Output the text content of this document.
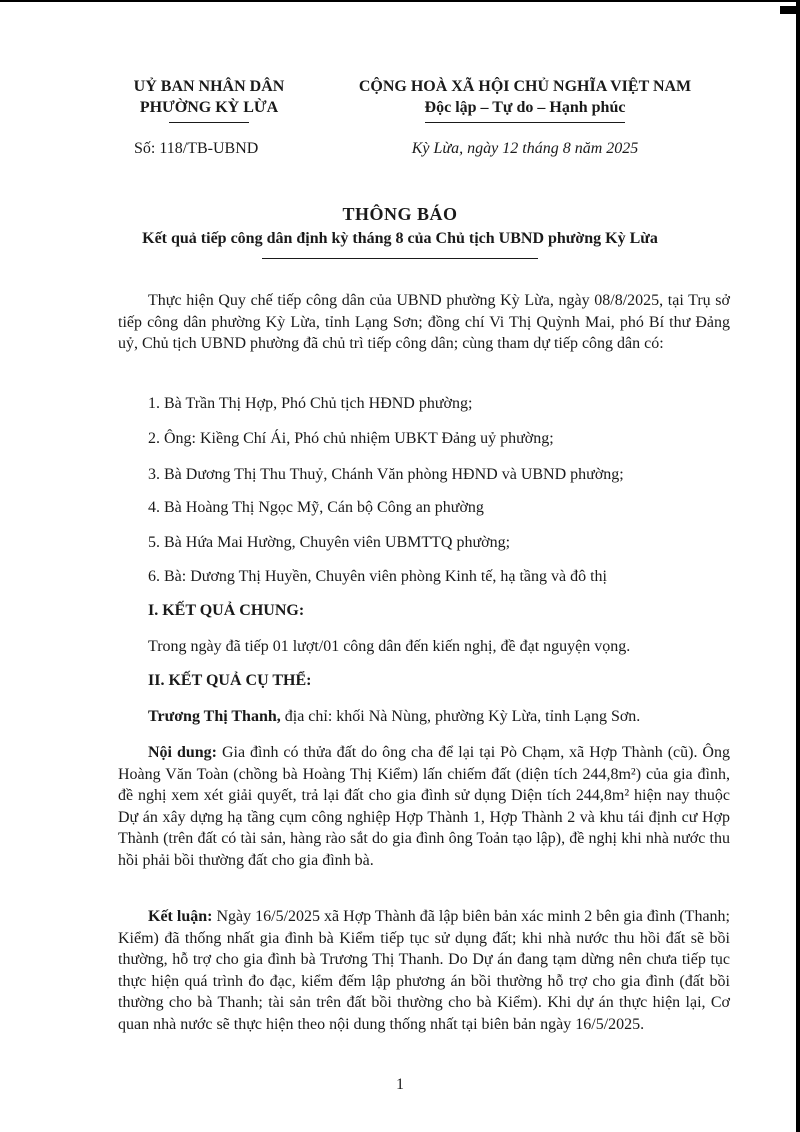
UỶ BAN NHÂN DÂN
PHƯỜNG KỲ LỪA
CỘNG HOÀ XÃ HỘI CHỦ NGHĨA VIỆT NAM
Độc lập – Tự do – Hạnh phúc
Số: 118/TB-UBND	Kỳ Lừa, ngày 12 tháng 8 năm 2025
THÔNG BÁO
Kết quả tiếp công dân định kỳ tháng 8 của Chủ tịch UBND phường Kỳ Lừa
Thực hiện Quy chế tiếp công dân của UBND phường Kỳ Lừa, ngày 08/8/2025, tại Trụ sở tiếp công dân phường Kỳ Lừa, tỉnh Lạng Sơn; đồng chí Vi Thị Quỳnh Mai, phó Bí thư Đảng uỷ, Chủ tịch UBND phường đã chủ trì tiếp công dân; cùng tham dự tiếp công dân có:
1. Bà Trần Thị Hợp, Phó Chủ tịch HĐND phường;
2. Ông: Kiềng Chí Ái, Phó chủ nhiệm UBKT Đảng uỷ phường;
3. Bà Dương Thị Thu Thuỷ, Chánh Văn phòng HĐND và UBND phường;
4. Bà Hoàng Thị Ngọc Mỹ, Cán bộ Công an phường
5. Bà Hứa Mai Hường, Chuyên viên UBMTTQ phường;
6. Bà: Dương Thị Huyền, Chuyên viên phòng Kinh tế, hạ tầng và đô thị
I. KẾT QUẢ CHUNG:
Trong ngày đã tiếp 01 lượt/01 công dân đến kiến nghị, đề đạt nguyện vọng.
II. KẾT QUẢ CỤ THỂ:
Trương Thị Thanh, địa chỉ: khối Nà Nùng, phường Kỳ Lừa, tỉnh Lạng Sơn.
Nội dung: Gia đình có thửa đất do ông cha để lại tại Pò Chạm, xã Hợp Thành (cũ). Ông Hoàng Văn Toàn (chồng bà Hoàng Thị Kiểm) lấn chiếm đất (diện tích 244,8m²) của gia đình, đề nghị xem xét giải quyết, trả lại đất cho gia đình sử dụng Diện tích 244,8m² hiện nay thuộc Dự án xây dựng hạ tầng cụm công nghiệp Hợp Thành 1, Hợp Thành 2 và khu tái định cư Hợp Thành (trên đất có tài sản, hàng rào sắt do gia đình ông Toản tạo lập), đề nghị khi nhà nước thu hồi phải bồi thường đất cho gia đình bà.
Kết luận: Ngày 16/5/2025 xã Hợp Thành đã lập biên bản xác minh 2 bên gia đình (Thanh; Kiểm) đã thống nhất gia đình bà Kiểm tiếp tục sử dụng đất; khi nhà nước thu hồi đất sẽ bồi thường, hỗ trợ cho gia đình bà Trương Thị Thanh. Do Dự án đang tạm dừng nên chưa tiếp tục thực hiện quá trình đo đạc, kiểm đếm lập phương án bồi thường hỗ trợ cho gia đình (đất bồi thường cho bà Thanh; tài sản trên đất bồi thường cho bà Kiểm). Khi dự án thực hiện lại, Cơ quan nhà nước sẽ thực hiện theo nội dung thống nhất tại biên bản ngày 16/5/2025.
1
